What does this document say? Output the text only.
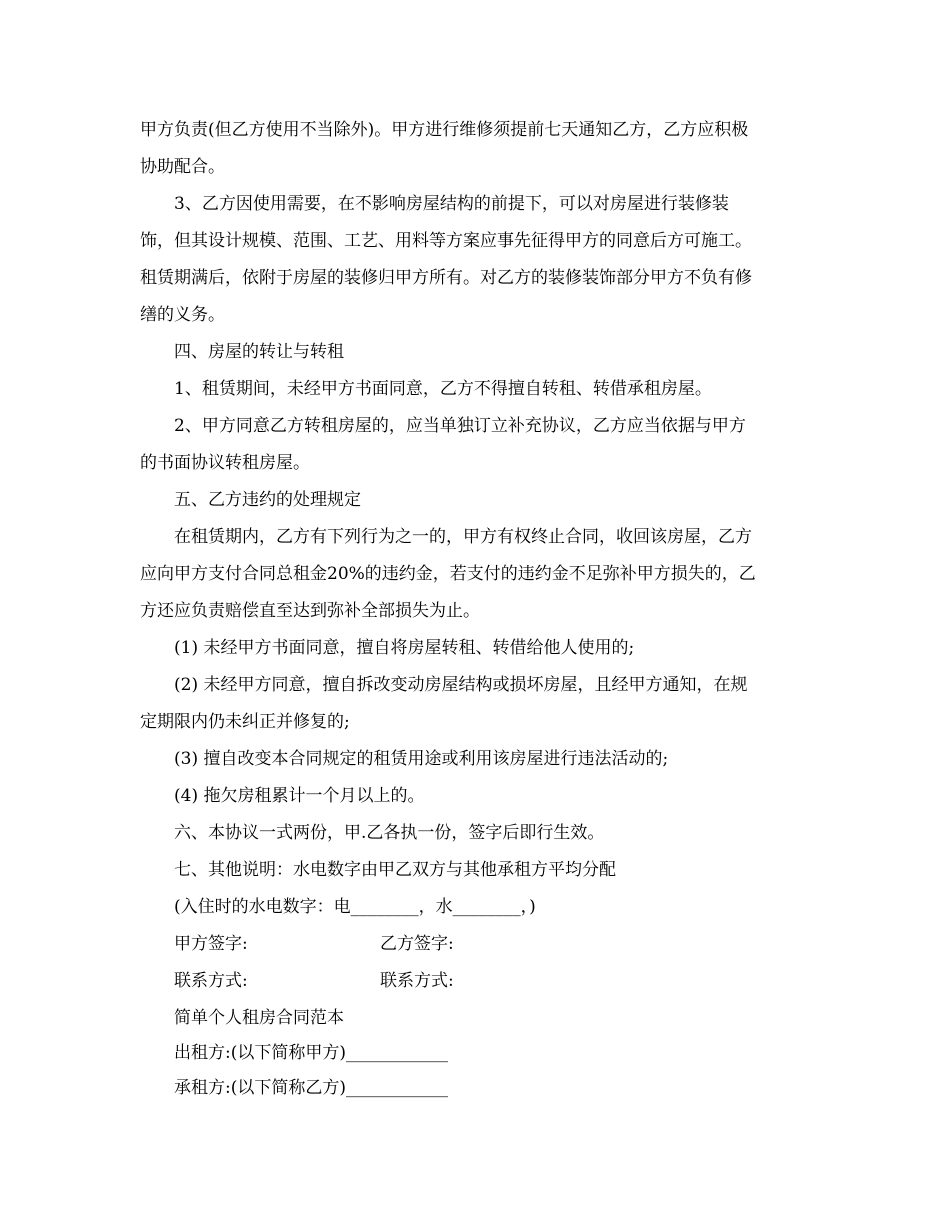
甲方负责(但乙方使用不当除外)。甲方进行维修须提前七天通知乙方，乙方应积极
协助配合。
3、乙方因使用需要，在不影响房屋结构的前提下，可以对房屋进行装修装
饰，但其设计规模、范围、工艺、用料等方案应事先征得甲方的同意后方可施工。
租赁期满后，依附于房屋的装修归甲方所有。对乙方的装修装饰部分甲方不负有修
缮的义务。
四、房屋的转让与转租
1、租赁期间，未经甲方书面同意，乙方不得擅自转租、转借承租房屋。
2、甲方同意乙方转租房屋的，应当单独订立补充协议，乙方应当依据与甲方
的书面协议转租房屋。
五、乙方违约的处理规定
在租赁期内，乙方有下列行为之一的，甲方有权终止合同，收回该房屋，乙方
应向甲方支付合同总租金20%的违约金，若支付的违约金不足弥补甲方损失的，乙
方还应负责赔偿直至达到弥补全部损失为止。
(1) 未经甲方书面同意，擅自将房屋转租、转借给他人使用的;
(2) 未经甲方同意，擅自拆改变动房屋结构或损坏房屋，且经甲方通知，在规
定期限内仍未纠正并修复的;
(3) 擅自改变本合同规定的租赁用途或利用该房屋进行违法活动的;
(4) 拖欠房租累计一个月以上的。
六、本协议一式两份，甲.乙各执一份，签字后即行生效。
七、其他说明：水电数字由甲乙双方与其他承租方平均分配
(入住时的水电数字：电________，水________，)
甲方签字:	乙方签字:
联系方式:	联系方式:
简单个人租房合同范本
出租方:(以下简称甲方)____________
承租方:(以下简称乙方)____________
